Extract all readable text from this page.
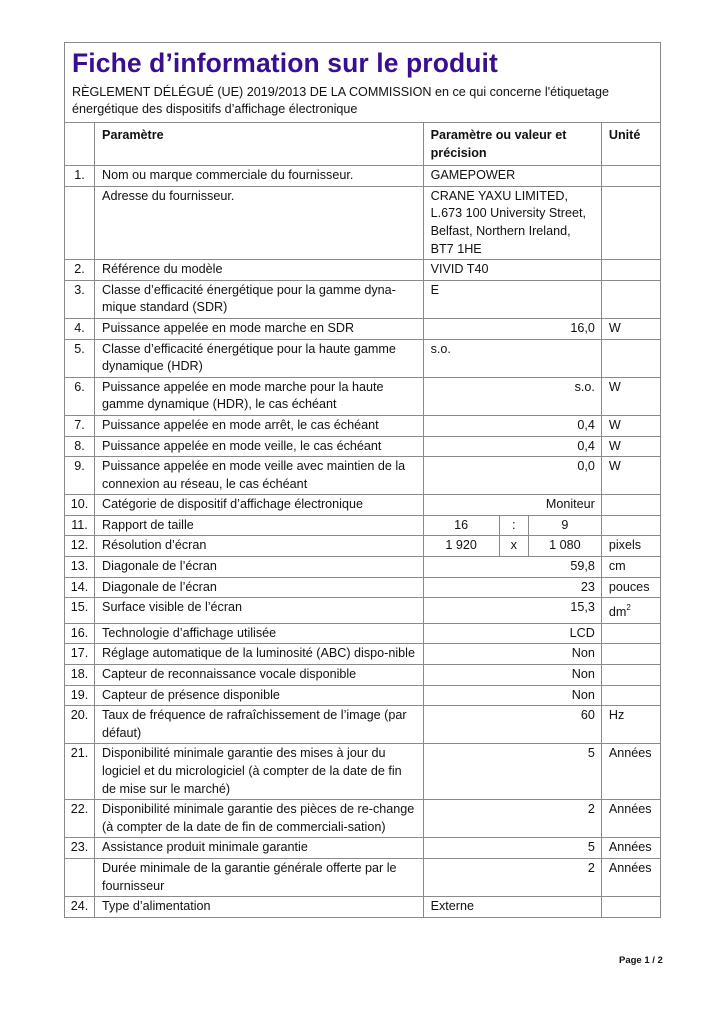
Fiche d’information sur le produit
RÈGLEMENT DÉLÉGUÉ (UE) 2019/2013 DE LA COMMISSION en ce qui concerne l'étiquetage énergétique des dispositifs d’affichage électronique
	Paramètre	Paramètre ou valeur et précision			Unité
1.	Nom ou marque commerciale du fournisseur.	GAMEPOWER			
	Adresse du fournisseur.	CRANE YAXU LIMITED, L.673 100 University Street, Belfast, Northern Ireland, BT7 1HE			
2.	Référence du modèle	VIVID T40			
3.	Classe d’efficacité énergétique pour la gamme dyna-mique standard (SDR)	E			
4.	Puissance appelée en mode marche en SDR	16,0			W
5.	Classe d’efficacité énergétique pour la haute gamme dynamique (HDR)	s.o.			
6.	Puissance appelée en mode marche pour la haute gamme dynamique (HDR), le cas échéant	s.o.			W
7.	Puissance appelée en mode arrêt, le cas échéant	0,4			W
8.	Puissance appelée en mode veille, le cas échéant	0,4			W
9.	Puissance appelée en mode veille avec maintien de la connexion au réseau, le cas échéant	0,0			W
10.	Catégorie de dispositif d’affichage électronique	Moniteur			
11.	Rapport de taille	16	:	9	
12.	Résolution d’écran	1 920	x	1 080	pixels
13.	Diagonale de l’écran	59,8			cm
14.	Diagonale de l’écran	23			pouces
15.	Surface visible de l’écran	15,3			$dm^2$
16.	Technologie d’affichage utilisée	LCD			
17.	Réglage automatique de la luminosité (ABC) dispo-nible	Non			
18.	Capteur de reconnaissance vocale disponible	Non			
19.	Capteur de présence disponible	Non			
20.	Taux de fréquence de rafraîchissement de l’image (par défaut)	60			Hz
21.	Disponibilité minimale garantie des mises à jour du logiciel et du micrologiciel (à compter de la date de fin de mise sur le marché)	5			Années
22.	Disponibilité minimale garantie des pièces de re-change (à compter de la date de fin de commerciali-sation)	2			Années
23.	Assistance produit minimale garantie	5			Années
	Durée minimale de la garantie générale offerte par le fournisseur	2			Années
24.	Type d’alimentation	Externe			
Page 1 / 2
